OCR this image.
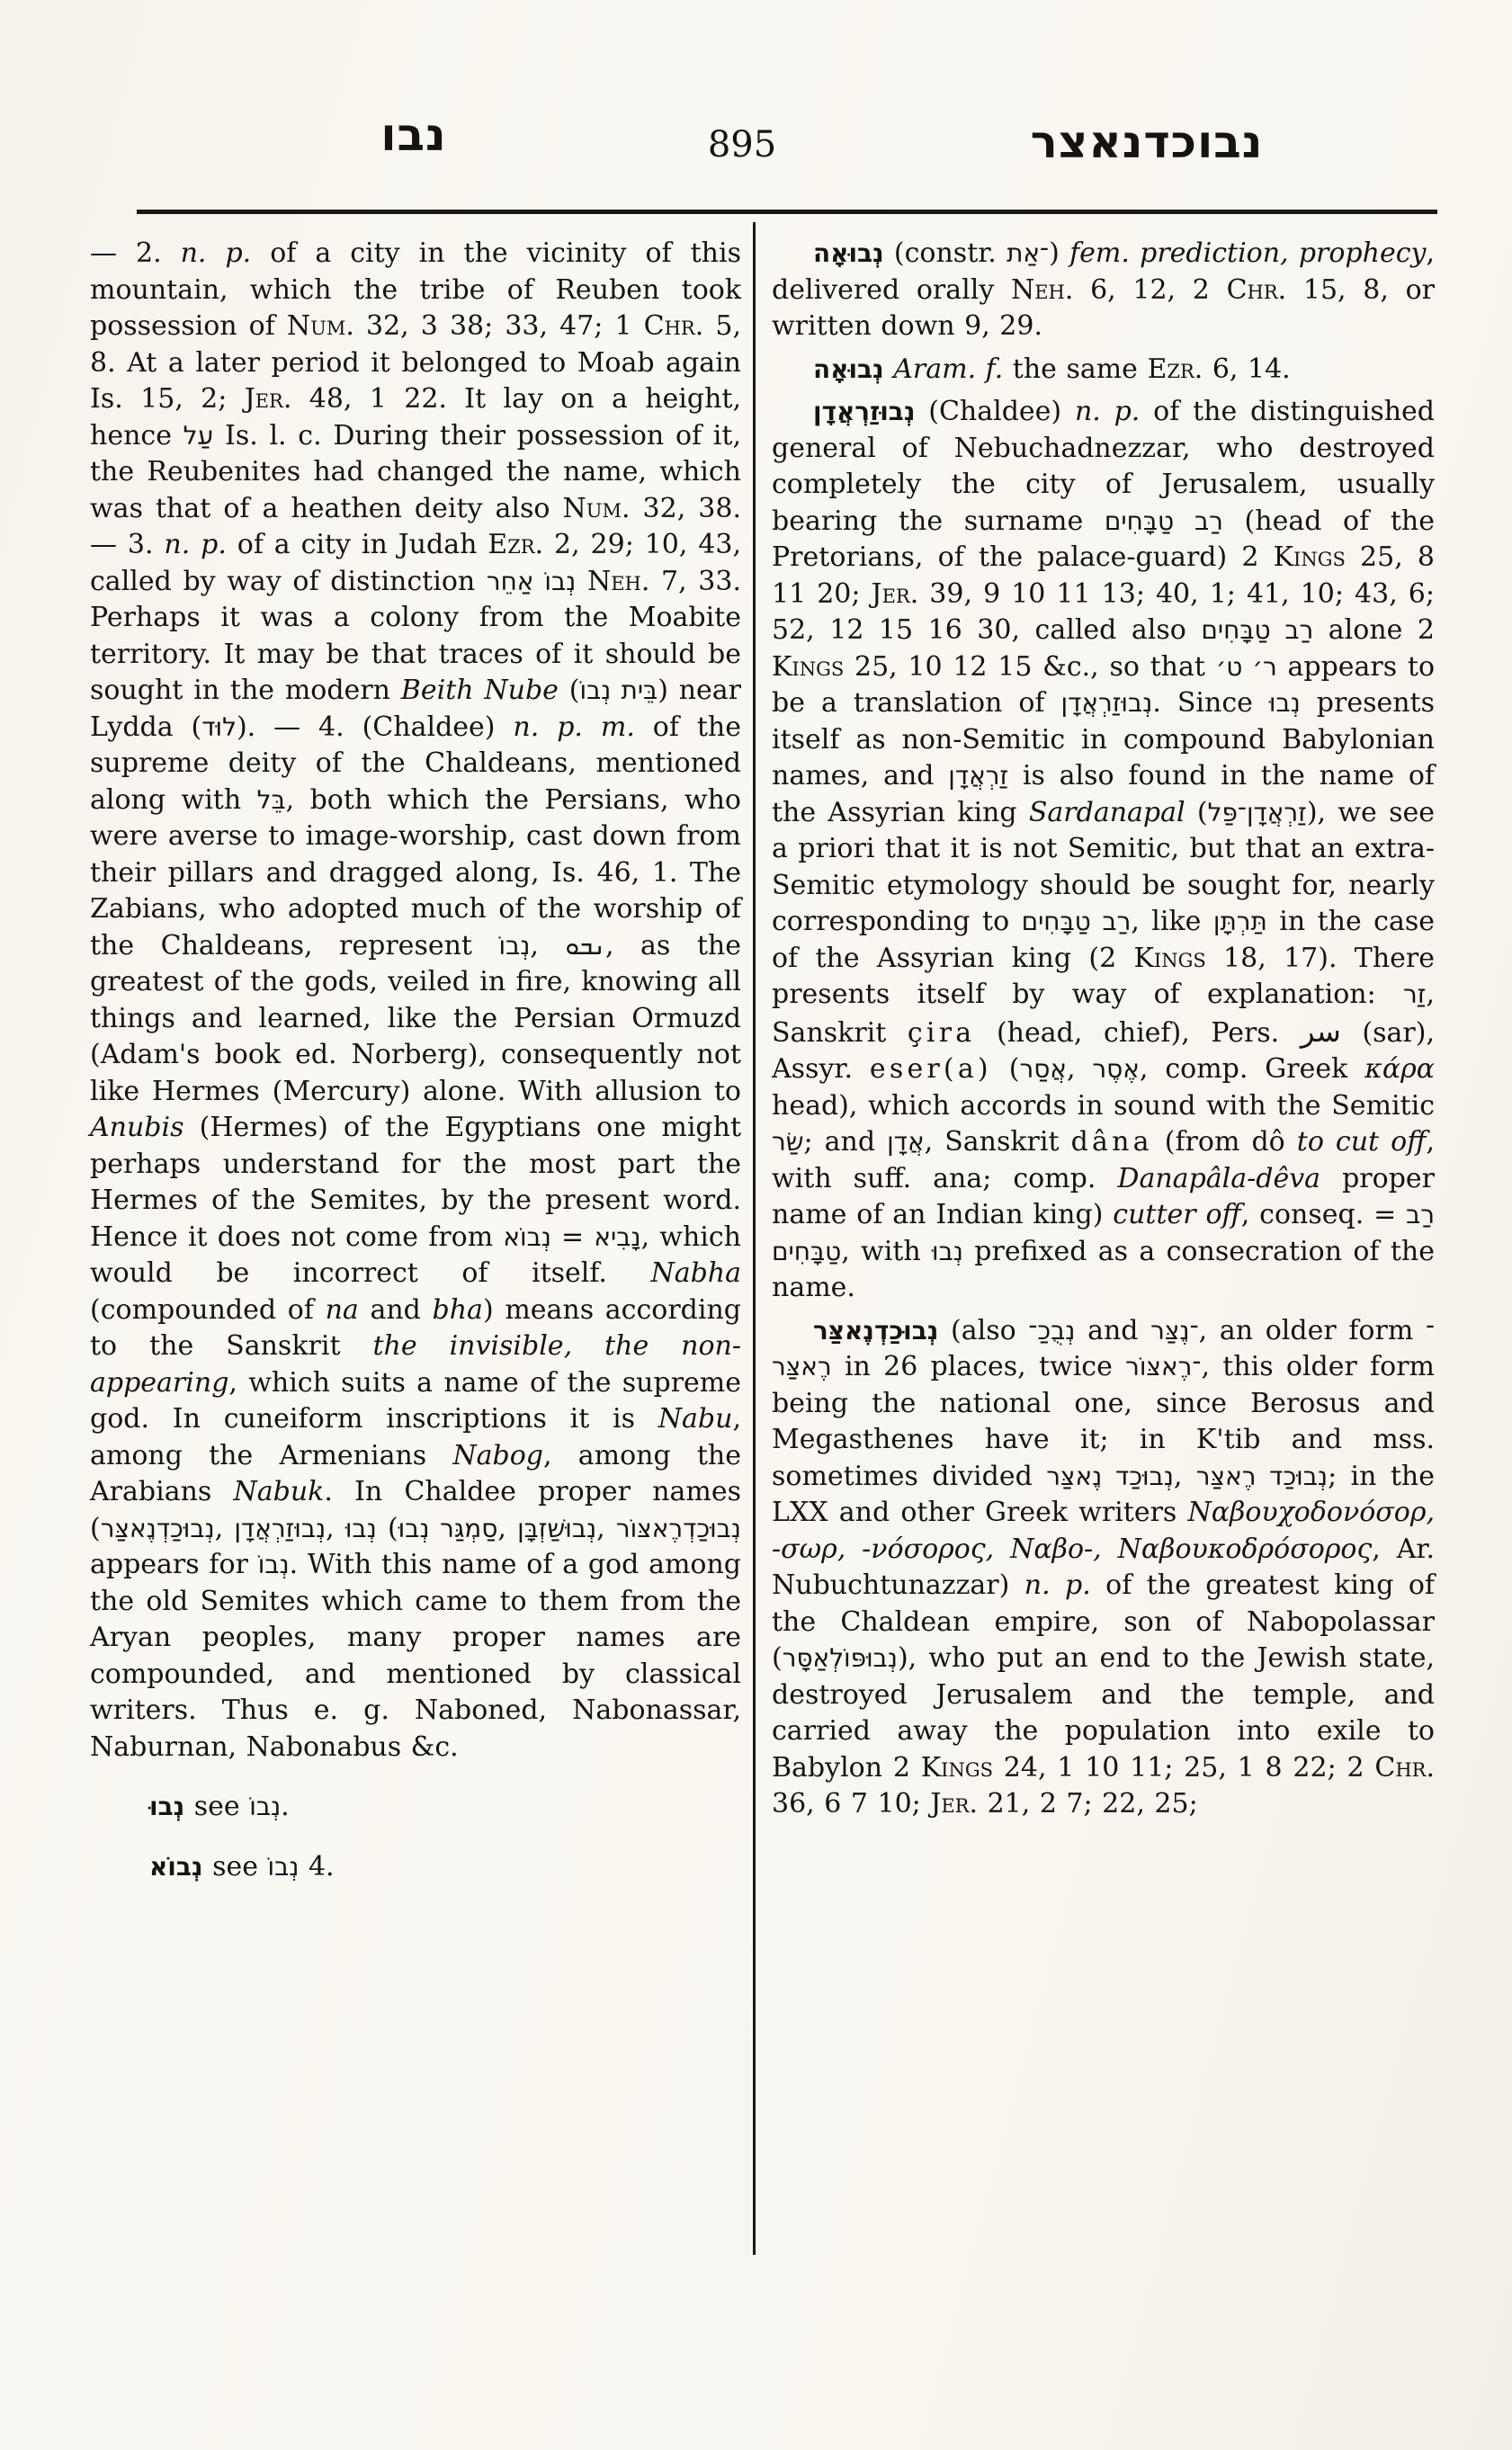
נבו	895	נבוכדנאצר

— 2. n. p. of a city in the vicinity of this mountain, which the tribe of Reuben took possession of Num. 32, 3 38; 33, 47; 1 Chr. 5, 8. At a later period it belonged to Moab again Is. 15, 2; Jer. 48, 1 22. It lay on a height, hence עַל Is. l. c. During their possession of it, the Reubenites had changed the name, which was that of a heathen deity also Num. 32, 38. — 3. n. p. of a city in Judah Ezr. 2, 29; 10, 43, called by way of distinction נְבוֹ אַחֵר Neh. 7, 33. Perhaps it was a colony from the Moabite territory. It may be that traces of it should be sought in the modern Beith Nube (בֵּית נְבוֹ) near Lydda (לוּד). — 4. (Chaldee) n. p. m. of the supreme deity of the Chaldeans, mentioned along with בֵּל, both which the Persians, who were averse to image-worship, cast down from their pillars and dragged along, Is. 46, 1. The Zabians, who adopted much of the worship of the Chaldeans, represent נְבוֹ, ܢܒܘ, as the greatest of the gods, veiled in fire, knowing all things and learned, like the Persian Ormuzd (Adam's book ed. Norberg), consequently not like Hermes (Mercury) alone. With allusion to Anubis (Hermes) of the Egyptians one might perhaps understand for the most part the Hermes of the Semites, by the present word. Hence it does not come from נְבוֹא = נָבִיא, which would be incorrect of itself. Nabha (compounded of na and bha) means according to the Sanskrit the invisible, the non-appearing, which suits a name of the supreme god. In cuneiform inscriptions it is Nabu, among the Armenians Nabog, among the Arabians Nabuk. In Chaldee proper names (נְבוּכַדְנֶאצַּר, נְבוּזַרְאֲדָן, נְבוּ (סַמְגַּר נְבוּ, נְבוּשַׁזְבָּן, נְבוּכַדְרֶאצּוֹר appears for נְבוֹ. With this name of a god among the old Semites which came to them from the Aryan peoples, many proper names are compounded, and mentioned by classical writers. Thus e. g. Naboned, Nabonassar, Naburnan, Nabonabus &c.

נְבוּ see נְבוֹ.

נְבוֹא see נְבוֹ 4.

נְבוּאָה (constr. ־אַת) fem. prediction, prophecy, delivered orally Neh. 6, 12, 2 Chr. 15, 8, or written down 9, 29.

נְבוּאָה Aram. f. the same Ezr. 6, 14.

נְבוּזַרְאֲדָן (Chaldee) n. p. of the distinguished general of Nebuchadnezzar, who destroyed completely the city of Jerusalem, usually bearing the surname רַב טַבָּחִים (head of the Pretorians, of the palace-guard) 2 Kings 25, 8 11 20; Jer. 39, 9 10 11 13; 40, 1; 41, 10; 43, 6; 52, 12 15 16 30, called also רַב טַבָּחִים alone 2 Kings 25, 10 12 15 &c., so that ר׳ ט׳ appears to be a translation of נְבוּזַרְאֲדָן. Since נְבוּ presents itself as non-Semitic in compound Babylonian names, and זַרְאֲדָן is also found in the name of the Assyrian king Sardanapal (זַרְאֲדָן־פַּל), we see a priori that it is not Semitic, but that an extra-Semitic etymology should be sought for, nearly corresponding to רַב טַבָּחִים, like תַּרְתָּן in the case of the Assyrian king (2 Kings 18, 17). There presents itself by way of explanation: זַר, Sanskrit çira (head, chief), Pers. سر (sar), Assyr. eser(a) (אֲסַר, אֶסֶר, comp. Greek κάρα head), which accords in sound with the Semitic שַׂר; and אֲדָן, Sanskrit dâna (from dô to cut off, with suff. ana; comp. Danapâla-dêva proper name of an Indian king) cutter off, conseq. = רַב טַבָּחִים, with נְבוּ prefixed as a consecration of the name.

נְבוּכַדְנֶאצַּר (also נְבֻכַ־ and ־נֶצַּר, an older form ־רֶאצַּר in 26 places, twice ־רֶאצּוֹר, this older form being the national one, since Berosus and Megasthenes have it; in K'tib and mss. sometimes divided נְבוּכַד נֶאצַּר, נְבוּכַד רֶאצַּר; in the LXX and other Greek writers Ναβουχοδονόσορ, -σωρ, -νόσορος, Ναβο-, Ναβουκοδρόσορος, Ar. Nubuchtunazzar) n. p. of the greatest king of the Chaldean empire, son of Nabopolassar (נְבוּפּוֹלְאַסָּר), who put an end to the Jewish state, destroyed Jerusalem and the temple, and carried away the population into exile to Babylon 2 Kings 24, 1 10 11; 25, 1 8 22; 2 Chr. 36, 6 7 10; Jer. 21, 2 7; 22, 25;
